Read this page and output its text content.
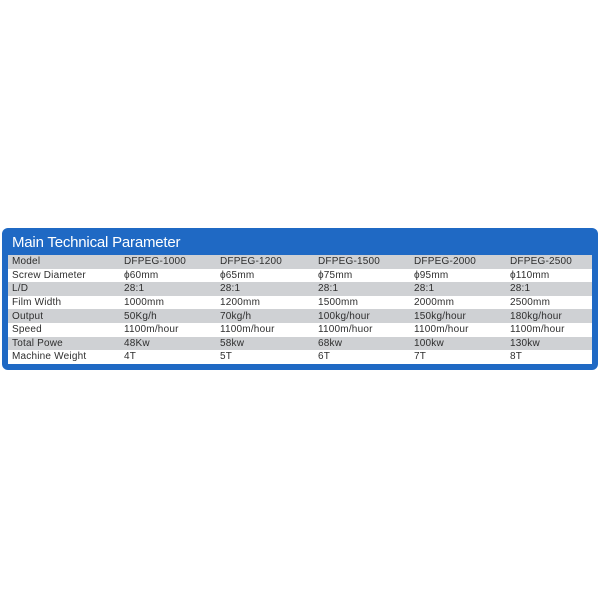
Main Technical Parameter
Model	DFPEG-1000	DFPEG-1200	DFPEG-1500	DFPEG-2000	DFPEG-2500
Screw Diameter	ϕ60mm	ϕ65mm	ϕ75mm	ϕ95mm	ϕ110mm
L/D	28:1	28:1	28:1	28:1	28:1
Film Width	1000mm	1200mm	1500mm	2000mm	2500mm
Output	50Kg/h	70kg/h	100kg/hour	150kg/hour	180kg/hour
Speed	1100m/hour	1100m/hour	1100m/huor	1100m/hour	1100m/hour
Total Powe	48Kw	58kw	68kw	100kw	130kw
Machine Weight	4T	5T	6T	7T	8T
